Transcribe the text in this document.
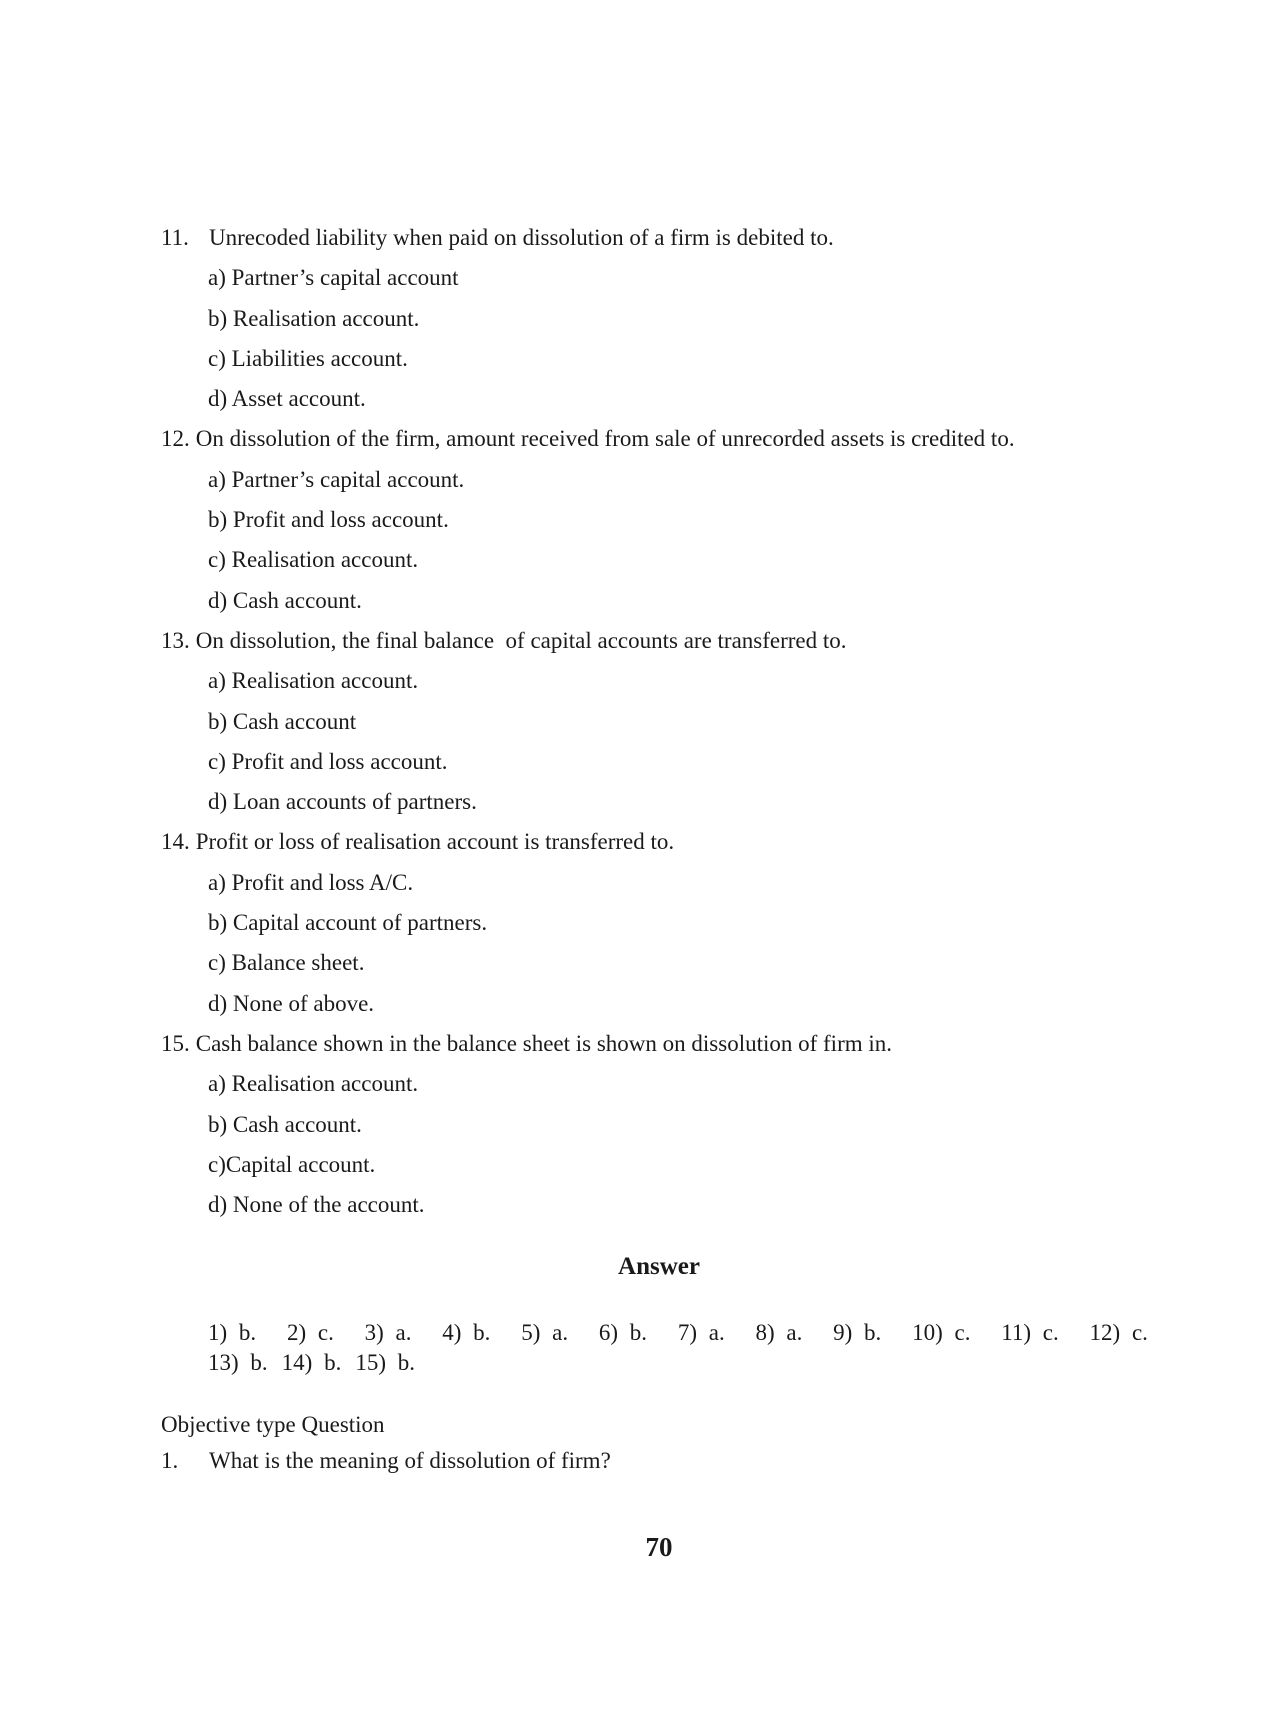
11. Unrecoded liability when paid on dissolution of a firm is debited to.
a) Partner’s capital account
b) Realisation account.
c) Liabilities account.
d) Asset account.
12. On dissolution of the firm, amount received from sale of unrecorded assets is credited to.
a) Partner’s capital account.
b) Profit and loss account.
c) Realisation account.
d) Cash account.
13. On dissolution, the final balance  of capital accounts are transferred to.
a) Realisation account.
b) Cash account
c) Profit and loss account.
d) Loan accounts of partners.
14. Profit or loss of realisation account is transferred to.
a) Profit and loss A/C.
b) Capital account of partners.
c) Balance sheet.
d) None of above.
15. Cash balance shown in the balance sheet is shown on dissolution of firm in.
a) Realisation account.
b) Cash account.
c)Capital account.
d) None of the account.
Answer
1) b. 2) c. 3) a. 4) b. 5) a. 6) b. 7) a. 8) a. 9) b. 10) c. 11) c. 12) c.
13) b. 14) b. 15) b.
Objective type Question
1. What is the meaning of dissolution of firm?
70
